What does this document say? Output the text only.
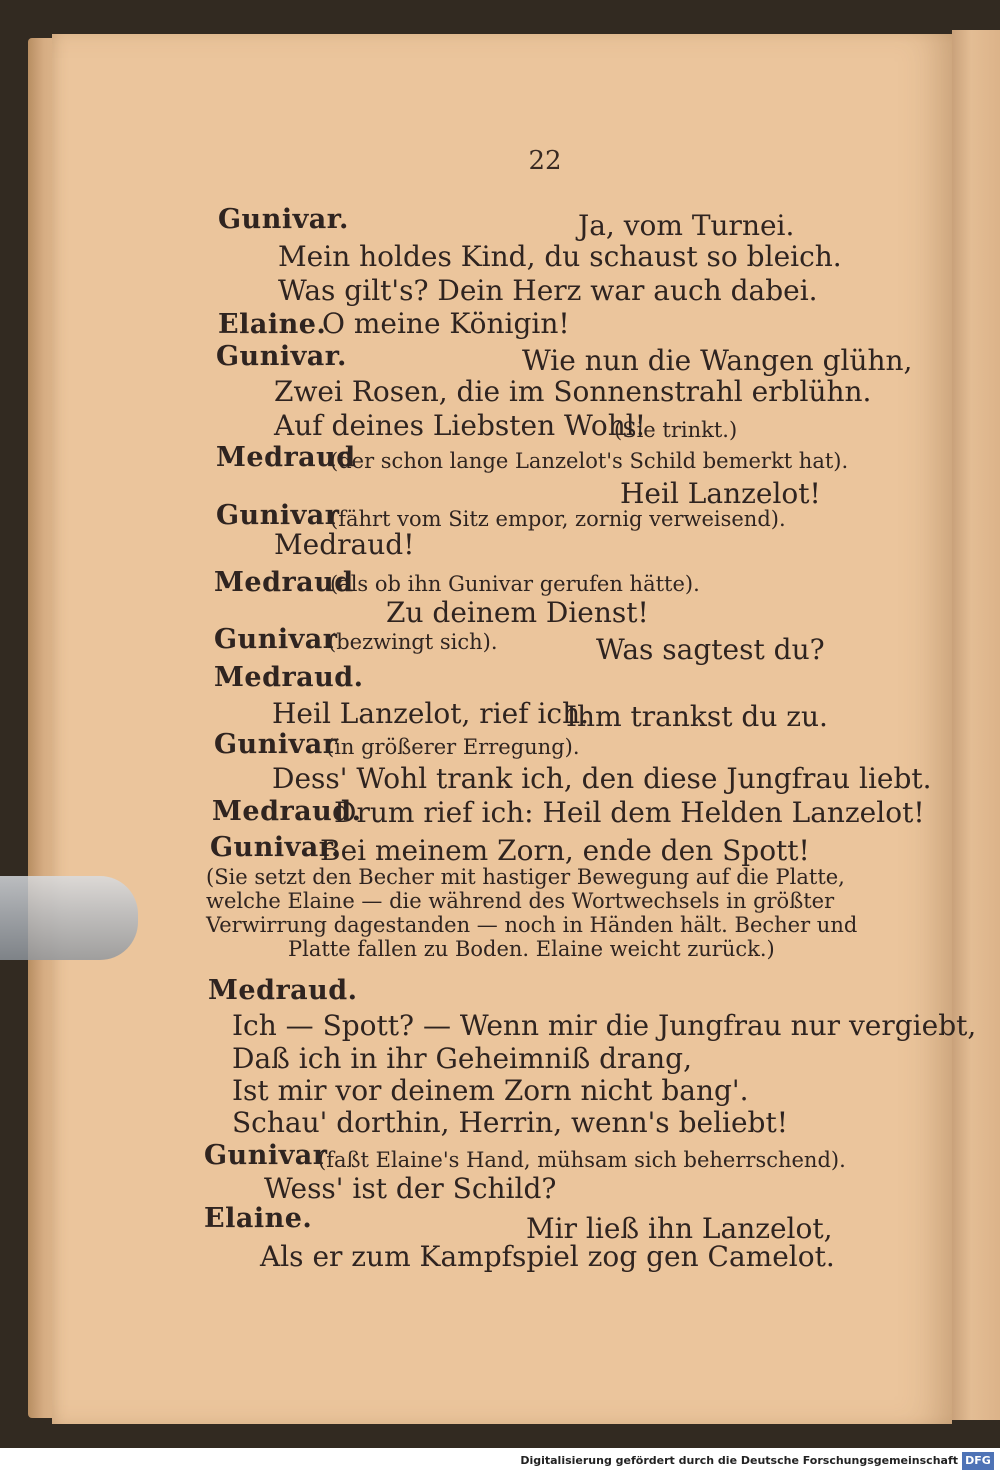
22
Gunivar.	Ja, vom Turnei.
Mein holdes Kind, du schaust so bleich.
Was gilt's? Dein Herz war auch dabei.
Elaine.
O meine Königin!
Gunivar.	Wie nun die Wangen glühn,
Zwei Rosen, die im Sonnenstrahl erblühn.
Auf deines Liebsten Wohl!
(Sie trinkt.)
Medraud
(der schon lange Lanzelot's Schild bemerkt hat).
Heil Lanzelot!
Gunivar
(fährt vom Sitz empor, zornig verweisend).
Medraud!
Medraud
(als ob ihn Gunivar gerufen hätte).
Zu deinem Dienst!
Gunivar
(bezwingt sich).	Was sagtest du?
Medraud.
Heil Lanzelot, rief ich.
Ihm trankst du zu.
Gunivar
(in größerer Erregung).
Dess' Wohl trank ich, den diese Jungfrau liebt.
Medraud.
Drum rief ich: Heil dem Helden Lanzelot!
Gunivar.
Bei meinem Zorn, ende den Spott!
(Sie setzt den Becher mit hastiger Bewegung auf die Platte,
welche Elaine — die während des Wortwechsels in größter
Verwirrung dagestanden — noch in Händen hält. Becher und
Platte fallen zu Boden. Elaine weicht zurück.)
Medraud.
Ich — Spott? — Wenn mir die Jungfrau nur vergiebt,
Daß ich in ihr Geheimniß drang,
Ist mir vor deinem Zorn nicht bang'.
Schau' dorthin, Herrin, wenn's beliebt!
Gunivar
(faßt Elaine's Hand, mühsam sich beherrschend).
Wess' ist der Schild?
Elaine.	Mir ließ ihn Lanzelot,
Als er zum Kampfspiel zog gen Camelot.
Digitalisierung gefördert durch die Deutsche Forschungsgemeinschaft DFG
